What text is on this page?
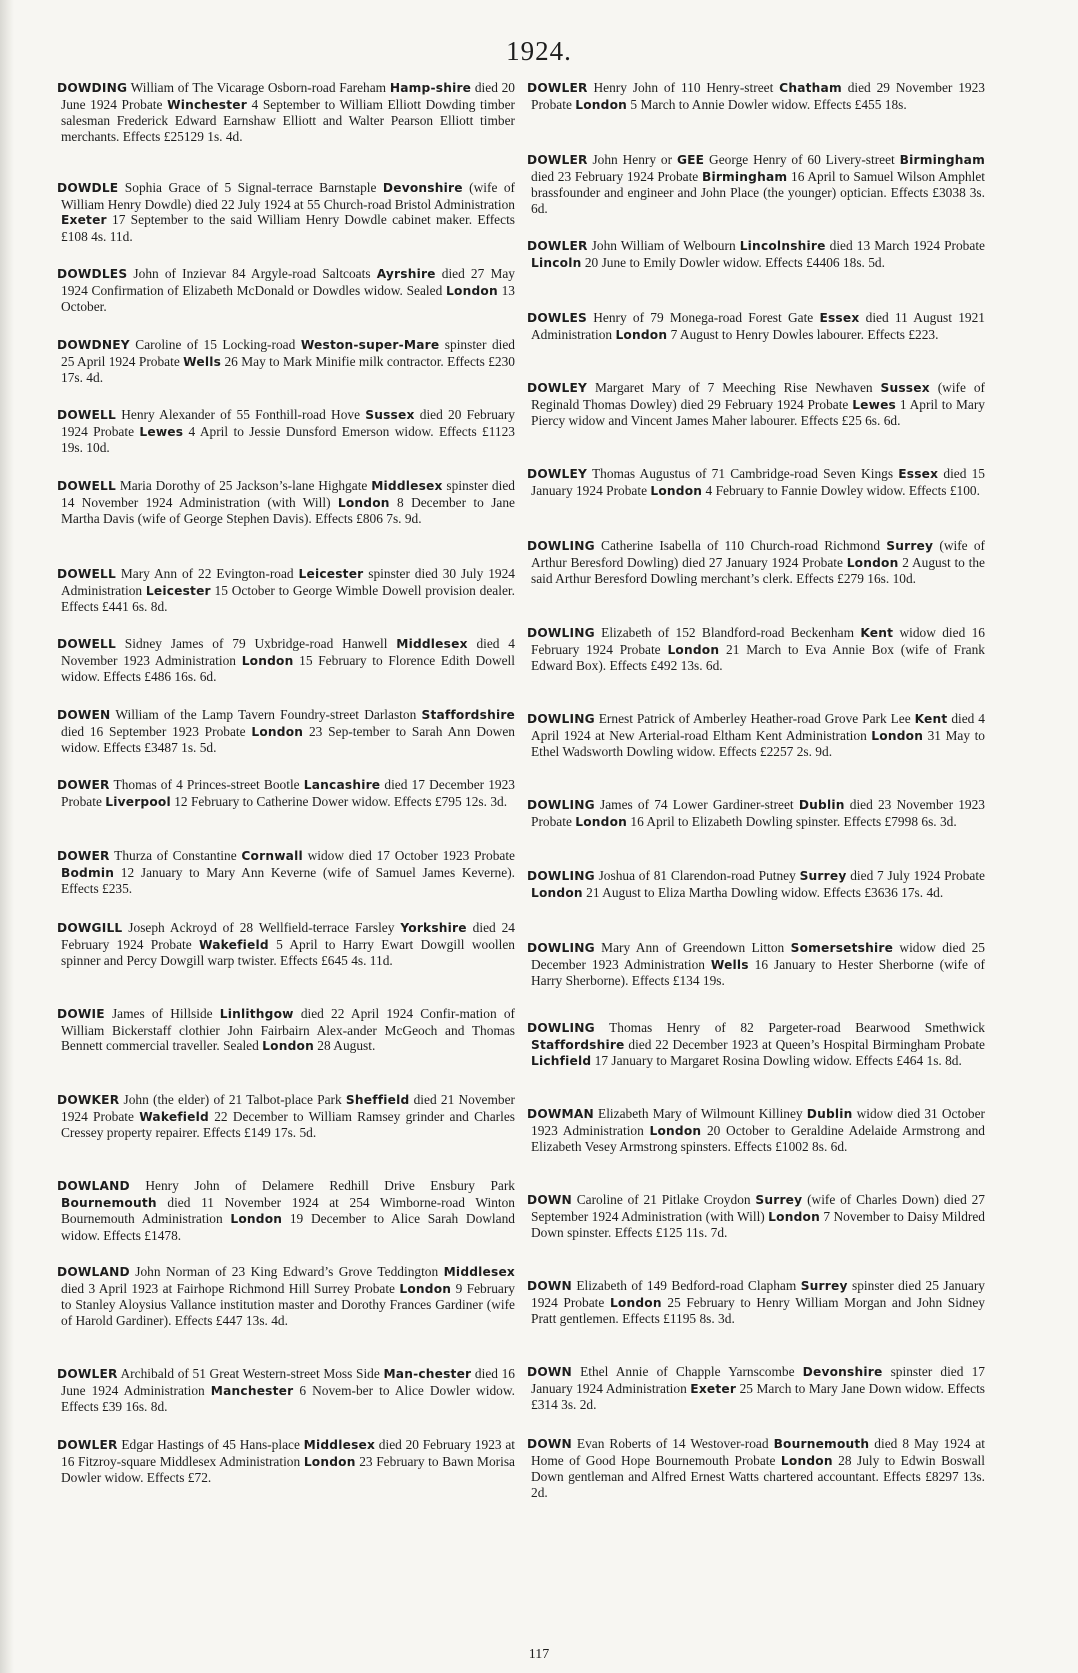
1924.
DOWDING William of The Vicarage Osborn-road Fareham Hamp-shire died 20 June 1924 Probate Winchester 4 September to William Elliott Dowding timber salesman Frederick Edward Earnshaw Elliott and Walter Pearson Elliott timber merchants. Effects £25129 1s. 4d.
DOWDLE Sophia Grace of 5 Signal-terrace Barnstaple Devonshire (wife of William Henry Dowdle) died 22 July 1924 at 55 Church-road Bristol Administration Exeter 17 September to the said William Henry Dowdle cabinet maker. Effects £108 4s. 11d.
DOWDLES John of Inzievar 84 Argyle-road Saltcoats Ayrshire died 27 May 1924 Confirmation of Elizabeth McDonald or Dowdles widow. Sealed London 13 October.
DOWDNEY Caroline of 15 Locking-road Weston-super-Mare spinster died 25 April 1924 Probate Wells 26 May to Mark Minifie milk contractor. Effects £230 17s. 4d.
DOWELL Henry Alexander of 55 Fonthill-road Hove Sussex died 20 February 1924 Probate Lewes 4 April to Jessie Dunsford Emerson widow. Effects £1123 19s. 10d.
DOWELL Maria Dorothy of 25 Jackson’s-lane Highgate Middlesex spinster died 14 November 1924 Administration (with Will) London 8 December to Jane Martha Davis (wife of George Stephen Davis). Effects £806 7s. 9d.
DOWELL Mary Ann of 22 Evington-road Leicester spinster died 30 July 1924 Administration Leicester 15 October to George Wimble Dowell provision dealer. Effects £441 6s. 8d.
DOWELL Sidney James of 79 Uxbridge-road Hanwell Middlesex died 4 November 1923 Administration London 15 February to Florence Edith Dowell widow. Effects £486 16s. 6d.
DOWEN William of the Lamp Tavern Foundry-street Darlaston Staffordshire died 16 September 1923 Probate London 23 Sep-tember to Sarah Ann Dowen widow. Effects £3487 1s. 5d.
DOWER Thomas of 4 Princes-street Bootle Lancashire died 17 December 1923 Probate Liverpool 12 February to Catherine Dower widow. Effects £795 12s. 3d.
DOWER Thurza of Constantine Cornwall widow died 17 October 1923 Probate Bodmin 12 January to Mary Ann Keverne (wife of Samuel James Keverne). Effects £235.
DOWGILL Joseph Ackroyd of 28 Wellfield-terrace Farsley Yorkshire died 24 February 1924 Probate Wakefield 5 April to Harry Ewart Dowgill woollen spinner and Percy Dowgill warp twister. Effects £645 4s. 11d.
DOWIE James of Hillside Linlithgow died 22 April 1924 Confir-mation of William Bickerstaff clothier John Fairbairn Alex-ander McGeoch and Thomas Bennett commercial traveller. Sealed London 28 August.
DOWKER John (the elder) of 21 Talbot-place Park Sheffield died 21 November 1924 Probate Wakefield 22 December to William Ramsey grinder and Charles Cressey property repairer. Effects £149 17s. 5d.
DOWLAND Henry John of Delamere Redhill Drive Ensbury Park Bournemouth died 11 November 1924 at 254 Wimborne-road Winton Bournemouth Administration London 19 December to Alice Sarah Dowland widow. Effects £1478.
DOWLAND John Norman of 23 King Edward’s Grove Teddington Middlesex died 3 April 1923 at Fairhope Richmond Hill Surrey Probate London 9 February to Stanley Aloysius Vallance institution master and Dorothy Frances Gardiner (wife of Harold Gardiner). Effects £447 13s. 4d.
DOWLER Archibald of 51 Great Western-street Moss Side Man-chester died 16 June 1924 Administration Manchester 6 Novem-ber to Alice Dowler widow. Effects £39 16s. 8d.
DOWLER Edgar Hastings of 45 Hans-place Middlesex died 20 February 1923 at 16 Fitzroy-square Middlesex Administration London 23 February to Bawn Morisa Dowler widow. Effects £72.
DOWLER Henry John of 110 Henry-street Chatham died 29 November 1923 Probate London 5 March to Annie Dowler widow. Effects £455 18s.
DOWLER John Henry or GEE George Henry of 60 Livery-street Birmingham died 23 February 1924 Probate Birmingham 16 April to Samuel Wilson Amphlet brassfounder and engineer and John Place (the younger) optician. Effects £3038 3s. 6d.
DOWLER John William of Welbourn Lincolnshire died 13 March 1924 Probate Lincoln 20 June to Emily Dowler widow. Effects £4406 18s. 5d.
DOWLES Henry of 79 Monega-road Forest Gate Essex died 11 August 1921 Administration London 7 August to Henry Dowles labourer. Effects £223.
DOWLEY Margaret Mary of 7 Meeching Rise Newhaven Sussex (wife of Reginald Thomas Dowley) died 29 February 1924 Probate Lewes 1 April to Mary Piercy widow and Vincent James Maher labourer. Effects £25 6s. 6d.
DOWLEY Thomas Augustus of 71 Cambridge-road Seven Kings Essex died 15 January 1924 Probate London 4 February to Fannie Dowley widow. Effects £100.
DOWLING Catherine Isabella of 110 Church-road Richmond Surrey (wife of Arthur Beresford Dowling) died 27 January 1924 Probate London 2 August to the said Arthur Beresford Dowling merchant’s clerk. Effects £279 16s. 10d.
DOWLING Elizabeth of 152 Blandford-road Beckenham Kent widow died 16 February 1924 Probate London 21 March to Eva Annie Box (wife of Frank Edward Box). Effects £492 13s. 6d.
DOWLING Ernest Patrick of Amberley Heather-road Grove Park Lee Kent died 4 April 1924 at New Arterial-road Eltham Kent Administration London 31 May to Ethel Wadsworth Dowling widow. Effects £2257 2s. 9d.
DOWLING James of 74 Lower Gardiner-street Dublin died 23 November 1923 Probate London 16 April to Elizabeth Dowling spinster. Effects £7998 6s. 3d.
DOWLING Joshua of 81 Clarendon-road Putney Surrey died 7 July 1924 Probate London 21 August to Eliza Martha Dowling widow. Effects £3636 17s. 4d.
DOWLING Mary Ann of Greendown Litton Somersetshire widow died 25 December 1923 Administration Wells 16 January to Hester Sherborne (wife of Harry Sherborne). Effects £134 19s.
DOWLING Thomas Henry of 82 Pargeter-road Bearwood Smethwick Staffordshire died 22 December 1923 at Queen’s Hospital Birmingham Probate Lichfield 17 January to Margaret Rosina Dowling widow. Effects £464 1s. 8d.
DOWMAN Elizabeth Mary of Wilmount Killiney Dublin widow died 31 October 1923 Administration London 20 October to Geraldine Adelaide Armstrong and Elizabeth Vesey Armstrong spinsters. Effects £1002 8s. 6d.
DOWN Caroline of 21 Pitlake Croydon Surrey (wife of Charles Down) died 27 September 1924 Administration (with Will) London 7 November to Daisy Mildred Down spinster. Effects £125 11s. 7d.
DOWN Elizabeth of 149 Bedford-road Clapham Surrey spinster died 25 January 1924 Probate London 25 February to Henry William Morgan and John Sidney Pratt gentlemen. Effects £1195 8s. 3d.
DOWN Ethel Annie of Chapple Yarnscombe Devonshire spinster died 17 January 1924 Administration Exeter 25 March to Mary Jane Down widow. Effects £314 3s. 2d.
DOWN Evan Roberts of 14 Westover-road Bournemouth died 8 May 1924 at Home of Good Hope Bournemouth Probate London 28 July to Edwin Boswall Down gentleman and Alfred Ernest Watts chartered accountant. Effects £8297 13s. 2d.
117
